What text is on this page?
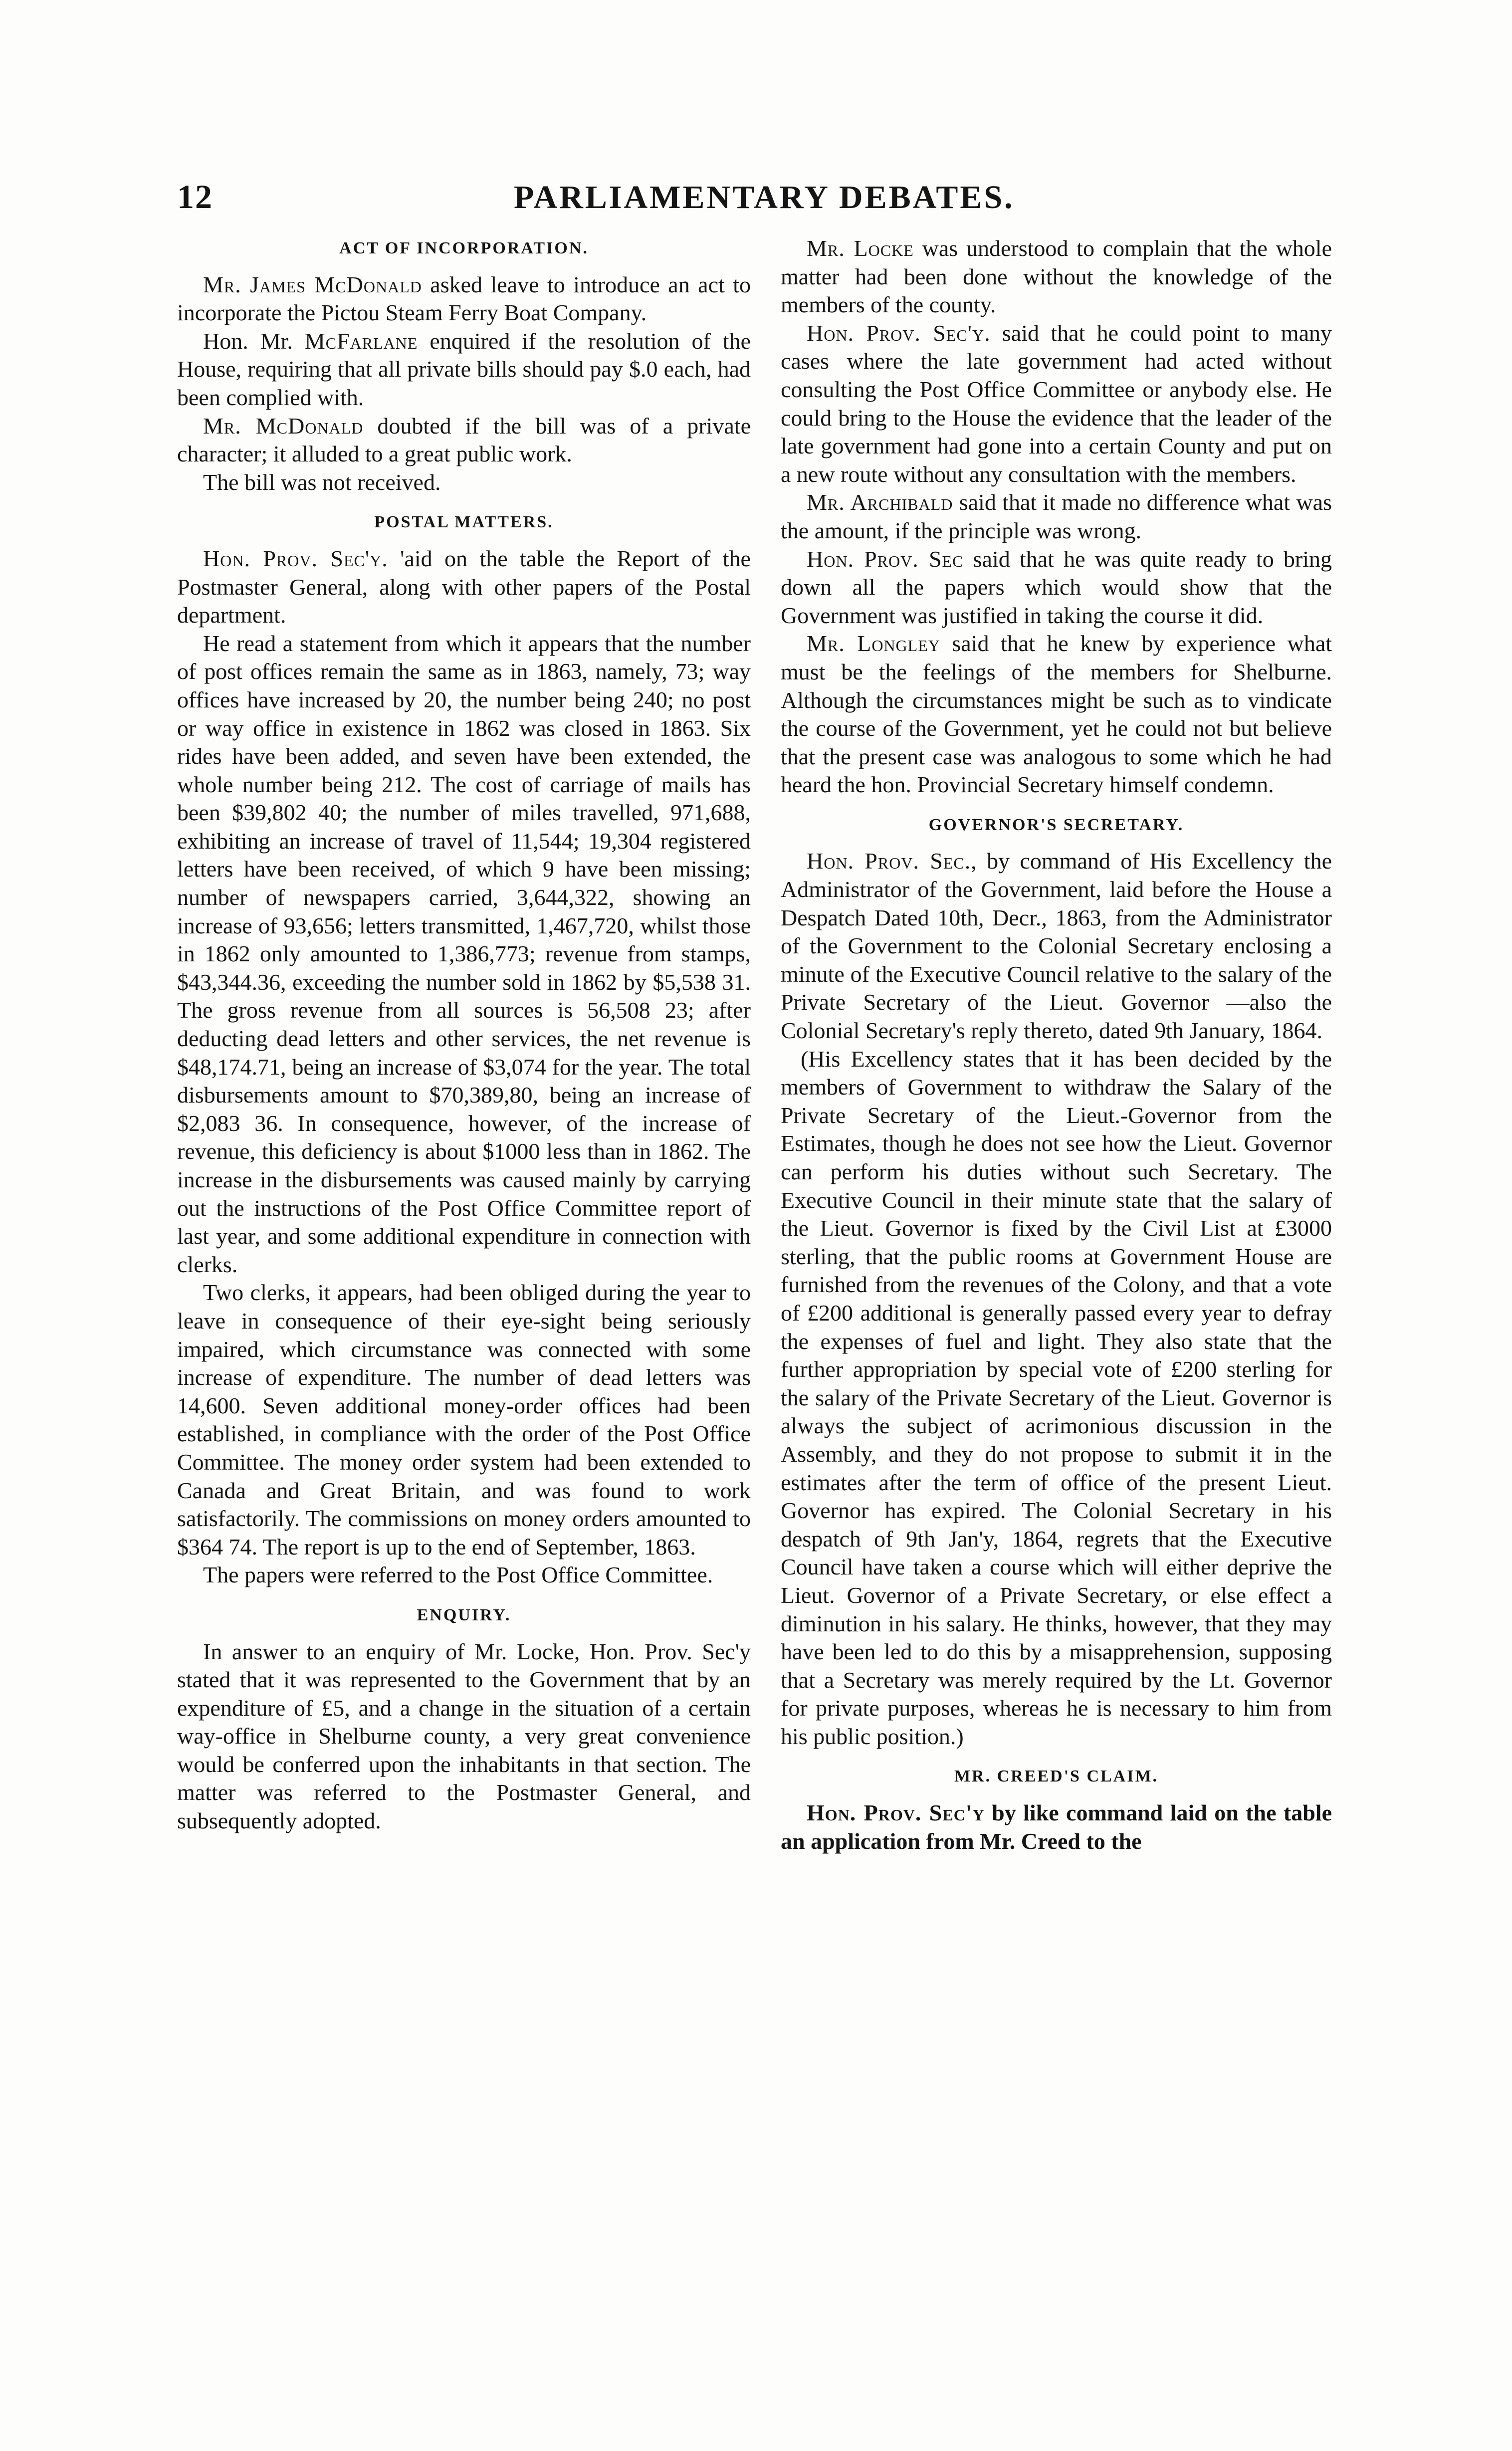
12	PARLIAMENTARY DEBATES.
ACT OF INCORPORATION.

Mr. James McDonald asked leave to introduce an act to incorporate the Pictou Steam Ferry Boat Company.

Hon. Mr. McFarlane enquired if the resolution of the House, requiring that all private bills should pay $.0 each, had been complied with.

Mr. McDonald doubted if the bill was of a private character; it alluded to a great public work.

The bill was not received.

POSTAL MATTERS.

Hon. Prov. Sec'y. 'aid on the table the Report of the Postmaster General, along with other papers of the Postal department.

He read a statement from which it appears that the number of post offices remain the same as in 1863, namely, 73; way offices have increased by 20, the number being 240; no post or way office in existence in 1862 was closed in 1863. Six rides have been added, and seven have been extended, the whole number being 212. The cost of carriage of mails has been $39,802 40; the number of miles travelled, 971,688, exhibiting an increase of travel of 11,544; 19,304 registered letters have been received, of which 9 have been missing; number of newspapers carried, 3,644,322, showing an increase of 93,656; letters transmitted, 1,467,720, whilst those in 1862 only amounted to 1,386,773; revenue from stamps, $43,344.36, exceeding the number sold in 1862 by $5,538 31. The gross revenue from all sources is 56,508 23; after deducting dead letters and other services, the net revenue is $48,174.71, being an increase of $3,074 for the year. The total disbursements amount to $70,389,80, being an increase of $2,083 36. In consequence, however, of the increase of revenue, this deficiency is about $1000 less than in 1862. The increase in the disbursements was caused mainly by carrying out the instructions of the Post Office Committee report of last year, and some additional expenditure in connection with clerks.

Two clerks, it appears, had been obliged during the year to leave in consequence of their eye-sight being seriously impaired, which circumstance was connected with some increase of expenditure. The number of dead letters was 14,600. Seven additional money-order offices had been established, in compliance with the order of the Post Office Committee. The money order system had been extended to Canada and Great Britain, and was found to work satisfactorily. The commissions on money orders amounted to $364 74. The report is up to the end of September, 1863.

The papers were referred to the Post Office Committee.

ENQUIRY.

In answer to an enquiry of Mr. Locke, Hon. Prov. Sec'y stated that it was represented to the Government that by an expenditure of £5, and a change in the situation of a certain way-office in Shelburne county, a very great convenience would be conferred upon the inhabitants in that section. The matter was referred to the Postmaster General, and subsequently adopted.

Mr. Locke was understood to complain that the whole matter had been done without the knowledge of the members of the county.

Hon. Prov. Sec'y. said that he could point to many cases where the late government had acted without consulting the Post Office Committee or anybody else. He could bring to the House the evidence that the leader of the late government had gone into a certain County and put on a new route without any consultation with the members.

Mr. Archibald said that it made no difference what was the amount, if the principle was wrong.

Hon. Prov. Sec said that he was quite ready to bring down all the papers which would show that the Government was justified in taking the course it did.

Mr. Longley said that he knew by experience what must be the feelings of the members for Shelburne. Although the circumstances might be such as to vindicate the course of the Government, yet he could not but believe that the present case was analogous to some which he had heard the hon. Provincial Secretary himself condemn.

GOVERNOR'S SECRETARY.

Hon. Prov. Sec., by command of His Excellency the Administrator of the Government, laid before the House a Despatch Dated 10th, Decr., 1863, from the Administrator of the Government to the Colonial Secretary enclosing a minute of the Executive Council relative to the salary of the Private Secretary of the Lieut. Governor —also the Colonial Secretary's reply thereto, dated 9th January, 1864.

(His Excellency states that it has been decided by the members of Government to withdraw the Salary of the Private Secretary of the Lieut.-Governor from the Estimates, though he does not see how the Lieut. Governor can perform his duties without such Secretary. The Executive Council in their minute state that the salary of the Lieut. Governor is fixed by the Civil List at £3000 sterling, that the public rooms at Government House are furnished from the revenues of the Colony, and that a vote of £200 additional is generally passed every year to defray the expenses of fuel and light. They also state that the further appropriation by special vote of £200 sterling for the salary of the Private Secretary of the Lieut. Governor is always the subject of acrimonious discussion in the Assembly, and they do not propose to submit it in the estimates after the term of office of the present Lieut. Governor has expired. The Colonial Secretary in his despatch of 9th Jan'y, 1864, regrets that the Executive Council have taken a course which will either deprive the Lieut. Governor of a Private Secretary, or else effect a diminution in his salary. He thinks, however, that they may have been led to do this by a misapprehension, supposing that a Secretary was merely required by the Lt. Governor for private purposes, whereas he is necessary to him from his public position.)

MR. CREED'S CLAIM.

Hon. Prov. Sec'y by like command laid on the table an application from Mr. Creed to the
